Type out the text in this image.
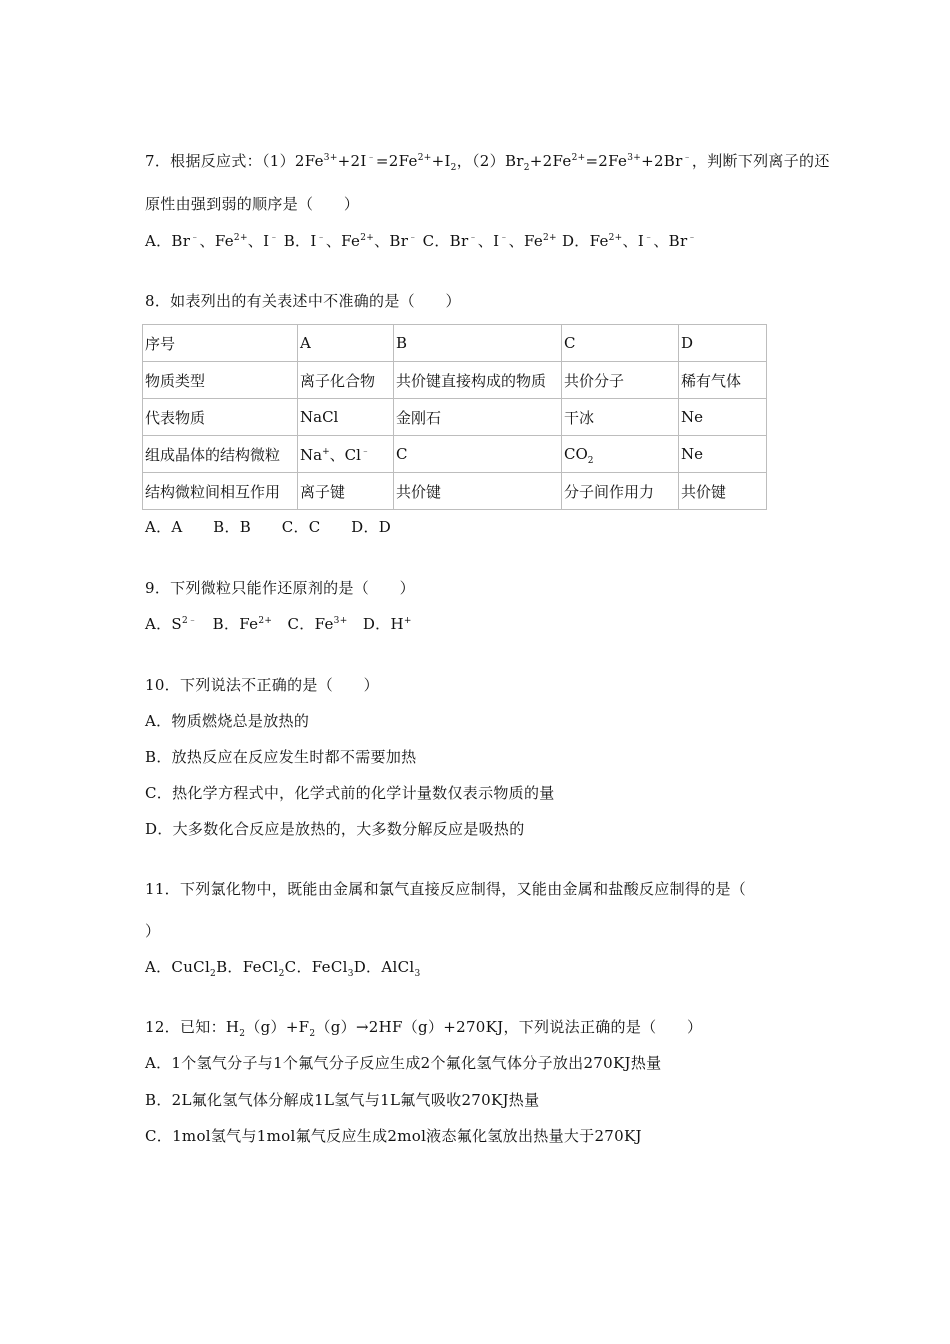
7．根据反应式：$(1)2Fe^{3+}+2I^﹣=2Fe^{2+}+I_2$，$(2)Br_2+2Fe^{2+}=2Fe^{3+}+2Br^﹣$，判断下列离子的还
原性由强到弱的顺序是（　　）
A．Br﹣、$Fe^{2+}$、I﹣ B．I﹣、$Fe^{2+}$、Br﹣ C．Br﹣、I﹣、$Fe^{2+}$ D．$Fe^{2+}$、I﹣、Br﹣
8．如表列出的有关表述中不准确的是（　　）
序号	A	B	C	D
物质类型	离子化合物	共价键直接构成的物质	共价分子	稀有气体
代表物质	NaCl	金刚石	干冰	Ne
组成晶体的结构微粒	Na+、Cl﹣	C	$CO_2$	Ne
结构微粒间相互作用	离子键	共价键	分子间作用力	共价键
A．A　　B．B　　C．C　　D．D
9．下列微粒只能作还原剂的是（　　）
A．$S^{2﹣}$　B．$Fe^{2+}$　C．$Fe^{3+}$　D．H+
10．下列说法不正确的是（　　）
A．物质燃烧总是放热的
B．放热反应在反应发生时都不需要加热
C．热化学方程式中，化学式前的化学计量数仅表示物质的量
D．大多数化合反应是放热的，大多数分解反应是吸热的
11．下列氯化物中，既能由金属和氯气直接反应制得，又能由金属和盐酸反应制得的是（
）
A．CuCl$_2$B．FeCl$_2$C．FeCl$_3$D．AlCl$_3$
12．已知：$H_2(g)+F_2(g)\to 2HF(g)+270KJ$，下列说法正确的是（　　）
A．1个氢气分子与1个氟气分子反应生成2个氟化氢气体分子放出270KJ热量
B．2L氟化氢气体分解成1L氢气与1L氟气吸收270KJ热量
C．1mol氢气与1mol氟气反应生成2mol液态氟化氢放出热量大于270KJ
